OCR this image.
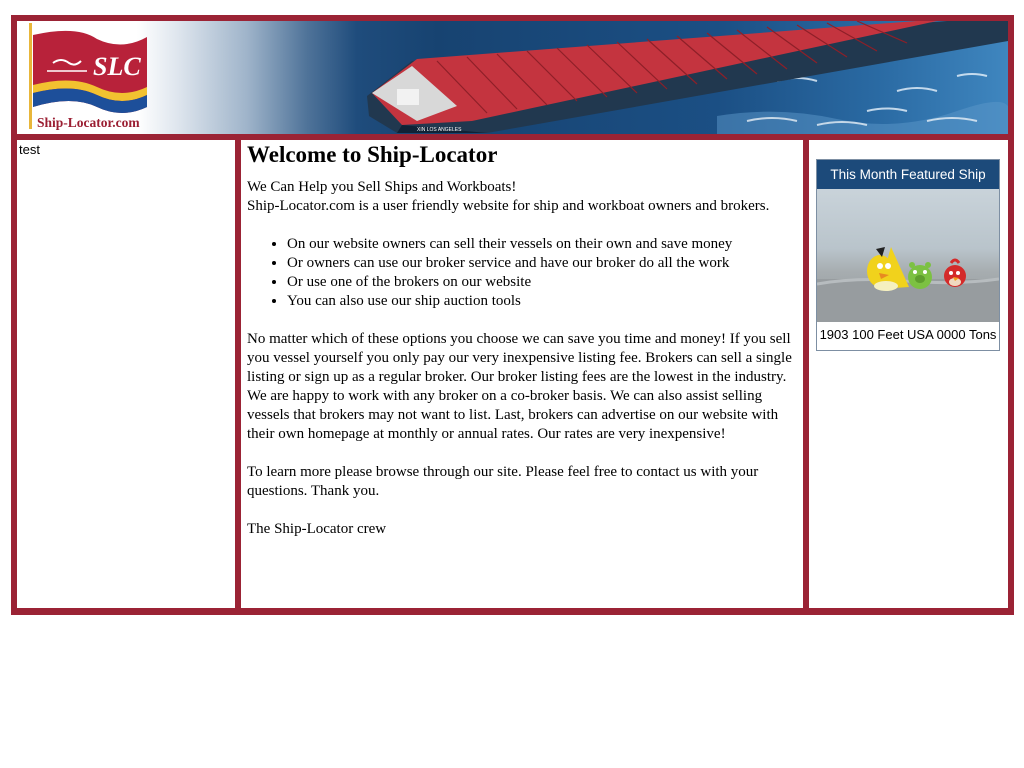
XIN LOS ANGELES
SLC
Ship-Locator.com
test	Welcome to Ship-Locator

We Can Help you Sell Ships and Workboats!

Ship-Locator.com is a user friendly website for ship and workboat owners and brokers.

• On our website owners can sell their vessels on their own and save money
• Or owners can use our broker service and have our broker do all the work
• Or use one of the brokers on our website
• You can also use our ship auction tools

No matter which of these options you choose we can save you time and money! If you sell you vessel yourself you only pay our very inexpensive listing fee. Brokers can sell a single listing or sign up as a regular broker. Our broker listing fees are the lowest in the industry. We are happy to work with any broker on a co-broker basis. We can also assist selling vessels that brokers may not want to list. Last, brokers can advertise on our website with their own homepage at monthly or annual rates. Our rates are very inexpensive!

To learn more please browse through our site. Please feel free to contact us with your questions. Thank you.

The Ship-Locator crew

This Month Featured Ship
1903 100 Feet USA 0000 Tons
